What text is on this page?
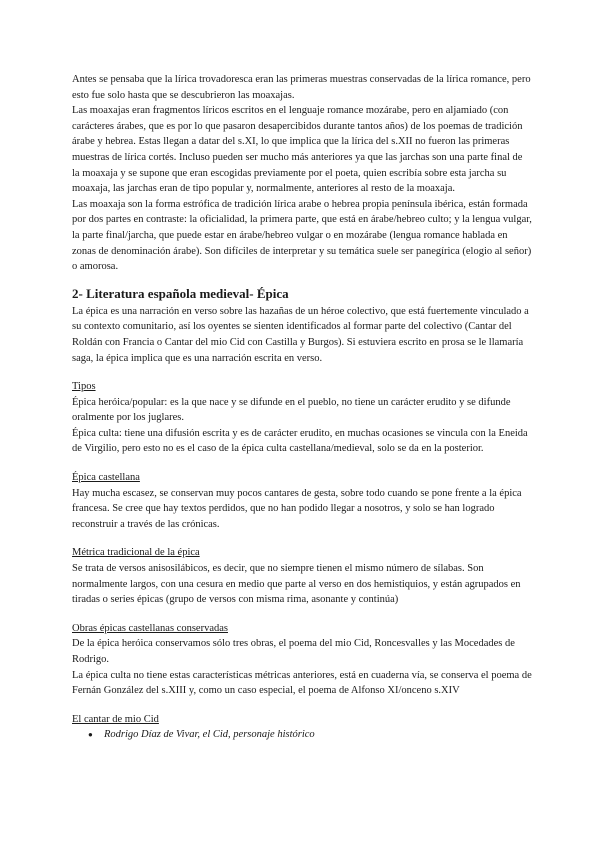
Antes se pensaba que la lírica trovadoresca eran las primeras muestras conservadas de la lírica romance, pero esto fue solo hasta que se descubrieron las moaxajas.

Las moaxajas eran fragmentos líricos escritos en el lenguaje romance mozárabe, pero en aljamiado (con carácteres árabes, que es por lo que pasaron desapercibidos durante tantos años) de los poemas de tradición árabe y hebrea. Estas llegan a datar del s.XI, lo que implica que la lírica del s.XII no fueron las primeras muestras de lírica cortés. Incluso pueden ser mucho más anteriores ya que las jarchas son una parte final de la moaxaja y se supone que eran escogidas previamente por el poeta, quien escribía sobre esta jarcha su moaxaja, las jarchas eran de tipo popular y, normalmente, anteriores al resto de la moaxaja.

Las moaxaja son la forma estrófica de tradición lírica arabe o hebrea propia península ibérica, están formada por dos partes en contraste: la oficialidad, la primera parte, que está en árabe/hebreo culto; y la lengua vulgar, la parte final/jarcha, que puede estar en árabe/hebreo vulgar o en mozárabe (lengua romance hablada en zonas de denominación árabe). Son difíciles de interpretar y su temática suele ser panegírica (elogio al señor) o amorosa.

2- Literatura española medieval- Épica

La épica es una narración en verso sobre las hazañas de un héroe colectivo, que está fuertemente vinculado a su contexto comunitario, así los oyentes se sienten identificados al formar parte del colectivo (Cantar del Roldán con Francia o Cantar del mio Cid con Castilla y Burgos). Si estuviera escrito en prosa se le llamaría saga, la épica implica que es una narración escrita en verso.

Tipos

Épica heróica/popular: es la que nace y se difunde en el pueblo, no tiene un carácter erudito y se difunde oralmente por los juglares.

Épica culta: tiene una difusión escrita y es de carácter erudito, en muchas ocasiones se vincula con la Eneida de Virgilio, pero esto no es el caso de la épica culta castellana/medieval, solo se da en la posterior.

Épica castellana

Hay mucha escasez, se conservan muy pocos cantares de gesta, sobre todo cuando se pone frente a la épica francesa. Se cree que hay textos perdidos, que no han podido llegar a nosotros, y solo se han logrado reconstruir a través de las crónicas.

Métrica tradicional de la épica

Se trata de versos anisosilábicos, es decir, que no siempre tienen el mismo número de sílabas. Son normalmente largos, con una cesura en medio que parte al verso en dos hemistiquios, y están agrupados en tiradas o series épicas (grupo de versos con misma rima, asonante y continúa)

Obras épicas castellanas conservadas

De la épica heróica conservamos sólo tres obras, el poema del mio Cid, Roncesvalles y las Mocedades de Rodrigo.

La épica culta no tiene estas características métricas anteriores, está en cuaderna vía, se conserva el poema de Fernán González del s.XIII y, como un caso especial, el poema de Alfonso XI/onceno s.XIV

El cantar de mio Cid

●	Rodrigo Díaz de Vivar, el Cid, personaje histórico
